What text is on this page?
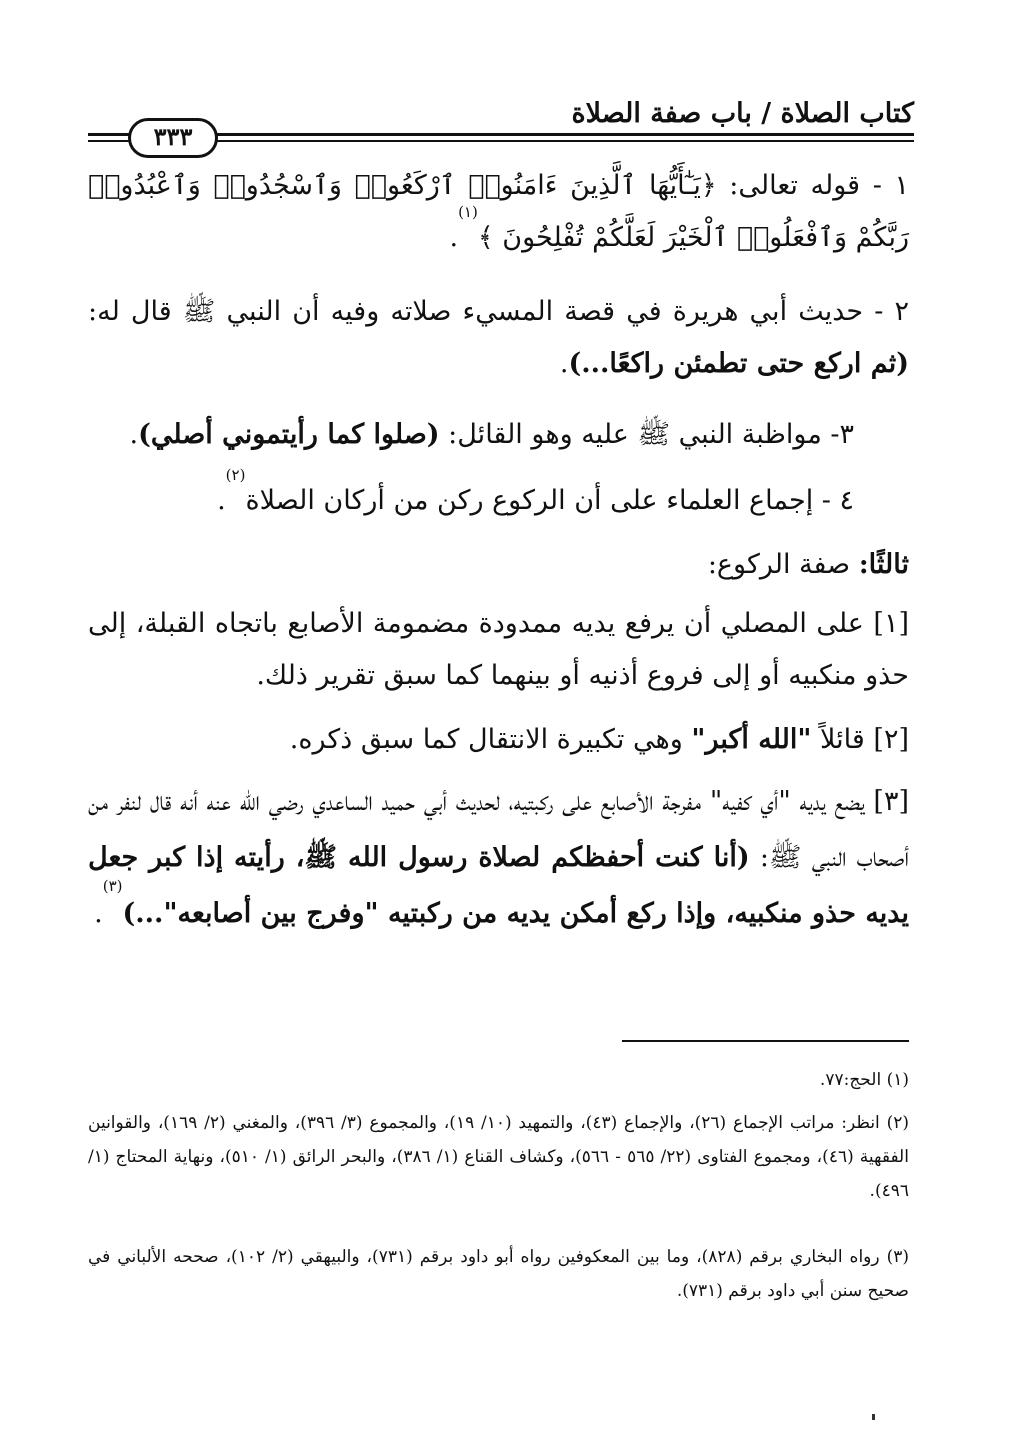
كتاب الصلاة / باب صفة الصلاة
٣٣٣
١ - قوله تعالى: ﴿يَـٰٓأَيُّهَا ٱلَّذِينَ ءَامَنُوا۟ ٱرْكَعُوا۟ وَٱسْجُدُوا۟ وَٱعْبُدُوا۟ رَبَّكُمْ وَٱفْعَلُوا۟ ٱلْخَيْرَ لَعَلَّكُمْ تُفْلِحُونَ ﴾$^{(١)}$.
٢ - حديث أبي هريرة في قصة المسيء صلاته وفيه أن النبي ﷺ قال له: (ثم اركع حتى تطمئن راكعًا...).
٣- مواظبة النبي ﷺ عليه وهو القائل: (صلوا كما رأيتموني أصلي).
٤ - إجماع العلماء على أن الركوع ركن من أركان الصلاة$^{(٢)}$.
ثالثًا: صفة الركوع:
[١] على المصلي أن يرفع يديه ممدودة مضمومة الأصابع باتجاه القبلة، إلى حذو منكبيه أو إلى فروع أذنيه أو بينهما كما سبق تقرير ذلك.
[٢] قائلاً "الله أكبر" وهي تكبيرة الانتقال كما سبق ذكره.
[٣] يضع يديه "أي كفيه" مفرجة الأصابع على ركبتيه، لحديث أبي حميد الساعدي رضي الله عنه أنه قال لنفر من أصحاب النبي ﷺ: (أنا كنت أحفظكم لصلاة رسول الله ﷺ، رأيته إذا كبر جعل يديه حذو منكبيه، وإذا ركع أمكن يديه من ركبتيه "وفرج بين أصابعه"...)$^{(٣)}$.
(١) الحج:٧٧.
(٢) انظر: مراتب الإجماع (٢٦)، والإجماع (٤٣)، والتمهيد (١٠/ ١٩)، والمجموع (٣/ ٣٩٦)، والمغني (٢/ ١٦٩)، والقوانين الفقهية (٤٦)، ومجموع الفتاوى (٢٢/ ٥٦٥ - ٥٦٦)، وكشاف القناع (١/ ٣٨٦)، والبحر الرائق (١/ ٥١٠)، ونهاية المحتاج (١/ ٤٩٦).
(٣) رواه البخاري برقم (٨٢٨)، وما بين المعكوفين رواه أبو داود برقم (٧٣١)، والبيهقي (٢/ ١٠٢)، صححه الألباني في صحيح سنن أبي داود برقم (٧٣١).
